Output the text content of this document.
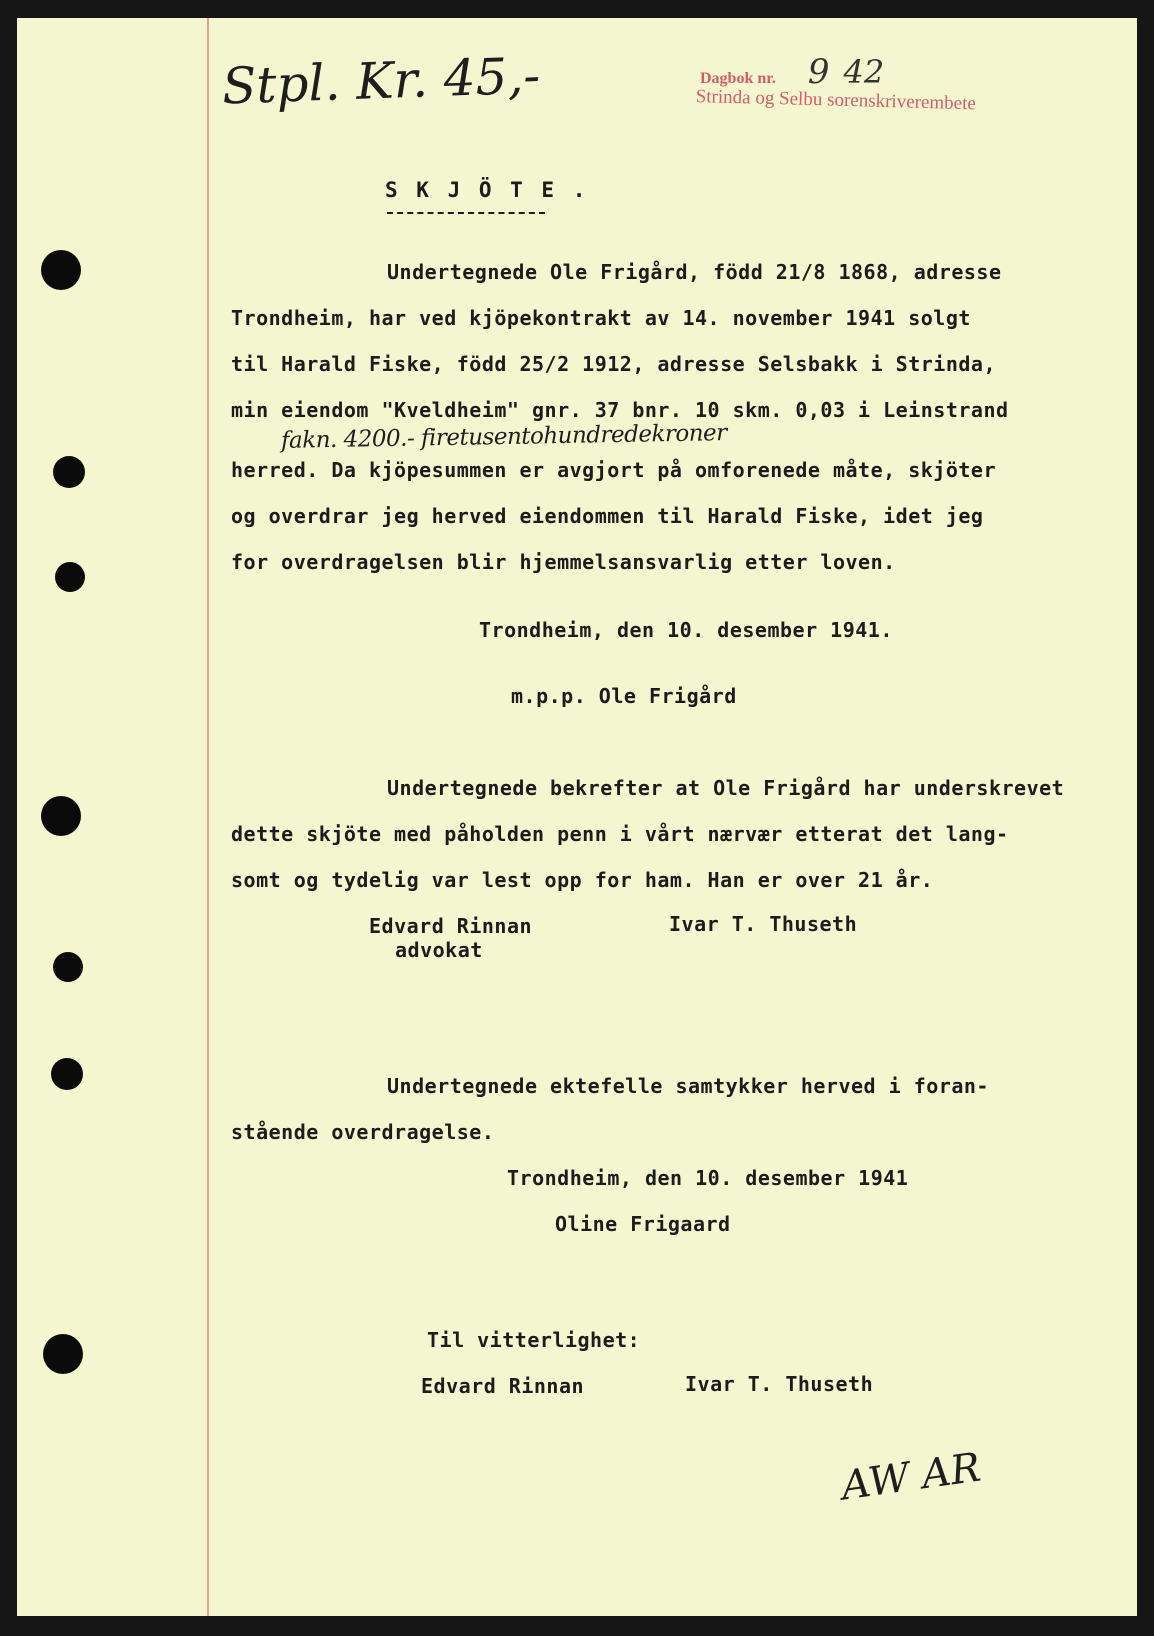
Stpl. Kr. 45,-	Dagbok nr. 9 42
Strinda og Selbu sorenskriverembete
S K J Ö T E .
Undertegnede Ole Frigård, född 21/8 1868, adresse
Trondheim, har ved kjöpekontrakt av 14. november 1941 solgt
til Harald Fiske, född 25/2 1912, adresse Selsbakk i Strinda,
min eiendom "Kveldheim" gnr. 37 bnr. 10 skm. 0,03 i Leinstrand
fakn. 4200.- firetusentohundredekroner
herred. Da kjöpesummen er avgjort på omforenede måte, skjöter
og overdrar jeg herved eiendommen til Harald Fiske, idet jeg
for overdragelsen blir hjemmelsansvarlig etter loven.
Trondheim, den 10. desember 1941.
m.p.p. Ole Frigård
Undertegnede bekrefter at Ole Frigård har underskrevet
dette skjöte med påholden penn i vårt nærvær etterat det lang-
somt og tydelig var lest opp for ham. Han er over 21 år.
Edvard Rinnan
advokat
Ivar T. Thuseth
Undertegnede ektefelle samtykker herved i foran-
stående overdragelse.
Trondheim, den 10. desember 1941
Oline Frigaard
Til vitterlighet:
Edvard Rinnan	Ivar T. Thuseth
AW AR
